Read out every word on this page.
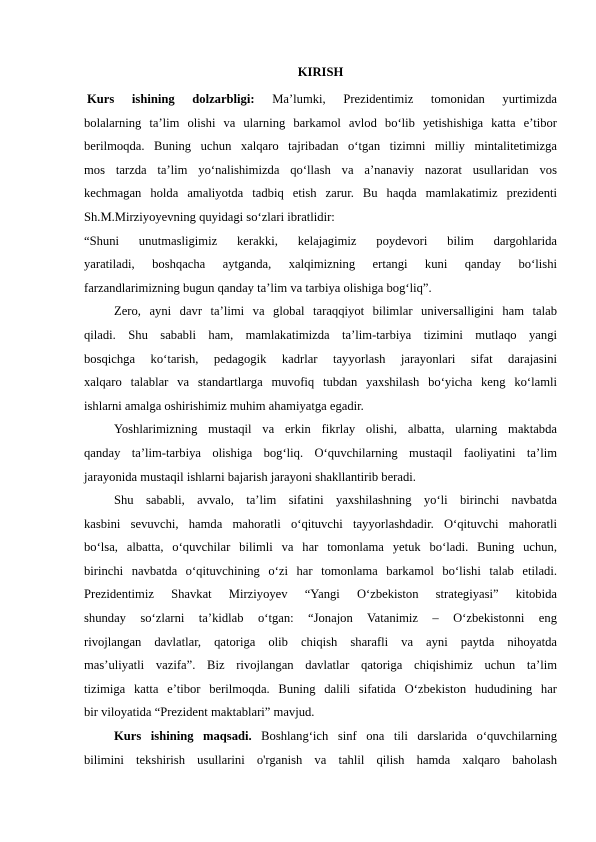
KIRISH
Kurs ishining dolzarbligi: Ma’lumki, Prezidentimiz tomonidan yurtimizda
bolalarning ta’lim olishi va ularning barkamol avlod bo‘lib yetishishiga katta e’tibor
berilmoqda. Buning uchun xalqaro tajribadan o‘tgan tizimni milliy mintalitetimizga
mos tarzda ta’lim yo‘nalishimizda qo‘llash va a’nanaviy nazorat usullaridan vos
kechmagan holda amaliyotda tadbiq etish zarur. Bu haqda mamlakatimiz prezidenti
Sh.M.Mirziyoyevning quyidagi so‘zlari ibratlidir:
“Shuni unutmasligimiz kerakki, kelajagimiz poydevori bilim dargohlarida
yaratiladi, boshqacha aytganda, xalqimizning ertangi kuni qanday bo‘lishi
farzandlarimizning bugun qanday ta’lim va tarbiya olishiga bog‘liq”.
Zero, ayni davr ta’limi va global taraqqiyot bilimlar universalligini ham talab
qiladi. Shu sababli ham, mamlakatimizda ta’lim-tarbiya tizimini mutlaqo yangi
bosqichga ko‘tarish, pedagogik kadrlar tayyorlash jarayonlari sifat darajasini
xalqaro talablar va standartlarga muvofiq tubdan yaxshilash bo‘yicha keng ko‘lamli
ishlarni amalga oshirishimiz muhim ahamiyatga egadir.
Yoshlarimizning mustaqil va erkin fikrlay olishi, albatta, ularning maktabda
qanday ta’lim-tarbiya olishiga bog‘liq. O‘quvchilarning mustaqil faoliyatini ta’lim
jarayonida mustaqil ishlarni bajarish jarayoni shakllantirib beradi.
Shu sababli, avvalo, ta’lim sifatini yaxshilashning yo‘li birinchi navbatda
kasbini sevuvchi, hamda mahoratli o‘qituvchi tayyorlashdadir. O‘qituvchi mahoratli
bo‘lsa, albatta, o‘quvchilar bilimli va har tomonlama yetuk bo‘ladi. Buning uchun,
birinchi navbatda o‘qituvchining o‘zi har tomonlama barkamol bo‘lishi talab etiladi.
Prezidentimiz Shavkat Mirziyoyev “Yangi O‘zbekiston strategiyasi” kitobida
shunday so‘zlarni ta’kidlab o‘tgan: “Jonajon Vatanimiz – O‘zbekistonni eng
rivojlangan davlatlar, qatoriga olib chiqish sharafli va ayni paytda nihoyatda
mas’uliyatli vazifa”. Biz rivojlangan davlatlar qatoriga chiqishimiz uchun ta’lim
tizimiga katta e’tibor berilmoqda. Buning dalili sifatida O‘zbekiston hududining har
bir viloyatida “Prezident maktablari” mavjud.
Kurs ishining maqsadi. Boshlang‘ich sinf ona tili darslarida o‘quvchilarning
bilimini tekshirish usullarini o'rganish va tahlil qilish hamda xalqaro baholash
